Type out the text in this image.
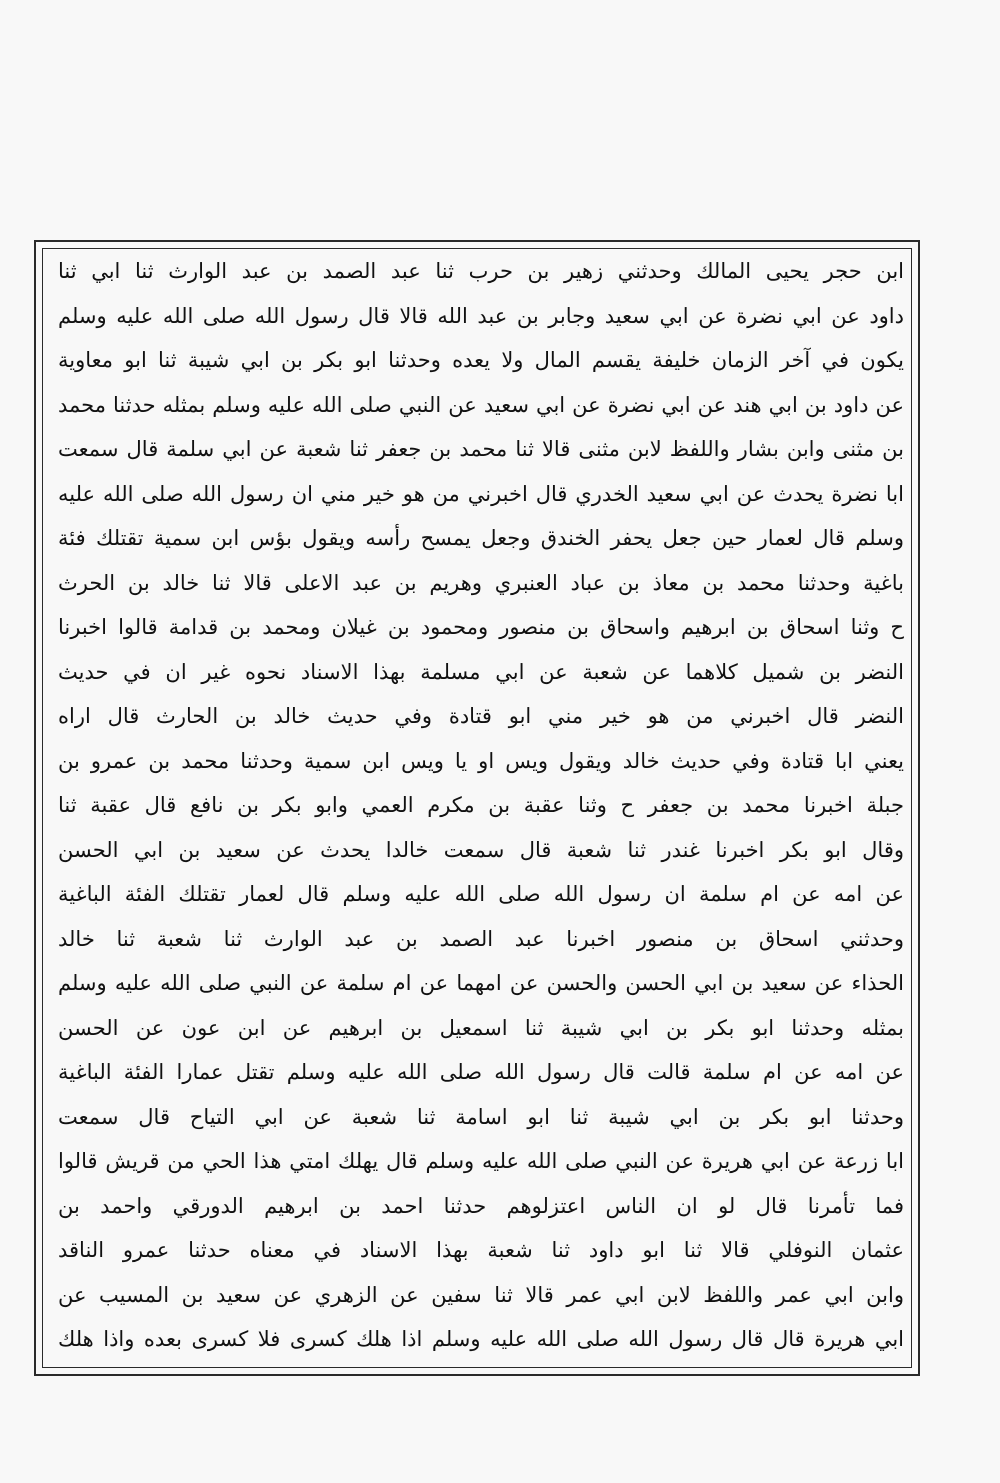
ابن حجر يحيى المالك وحدثني زهير بن حرب ثنا عبد الصمد بن عبد الوارث ثنا ابي ثنا
داود عن ابي نضرة عن ابي سعيد وجابر بن عبد الله قالا قال رسول الله صلى الله عليه وسلم
يكون في آخر الزمان خليفة يقسم المال ولا يعده وحدثنا ابو بكر بن ابي شيبة ثنا ابو معاوية
عن داود بن ابي هند عن ابي نضرة عن ابي سعيد عن النبي صلى الله عليه وسلم بمثله حدثنا محمد
بن مثنى وابن بشار واللفظ لابن مثنى قالا ثنا محمد بن جعفر ثنا شعبة عن ابي سلمة قال سمعت
ابا نضرة يحدث عن ابي سعيد الخدري قال اخبرني من هو خير مني ان رسول الله صلى الله عليه
وسلم قال لعمار حين جعل يحفر الخندق وجعل يمسح رأسه ويقول بؤس ابن سمية تقتلك فئة
باغية وحدثنا محمد بن معاذ بن عباد العنبري وهريم بن عبد الاعلى قالا ثنا خالد بن الحرث
ح وثنا اسحاق بن ابرهيم واسحاق بن منصور ومحمود بن غيلان ومحمد بن قدامة قالوا اخبرنا
النضر بن شميل كلاهما عن شعبة عن ابي مسلمة بهذا الاسناد نحوه غير ان في حديث
النضر قال اخبرني من هو خير مني ابو قتادة وفي حديث خالد بن الحارث قال اراه
يعني ابا قتادة وفي حديث خالد ويقول ويس او يا ويس ابن سمية وحدثنا محمد بن عمرو بن
جبلة اخبرنا محمد بن جعفر ح وثنا عقبة بن مكرم العمي وابو بكر بن نافع قال عقبة ثنا
وقال ابو بكر اخبرنا غندر ثنا شعبة قال سمعت خالدا يحدث عن سعيد بن ابي الحسن
عن امه عن ام سلمة ان رسول الله صلى الله عليه وسلم قال لعمار تقتلك الفئة الباغية
وحدثني اسحاق بن منصور اخبرنا عبد الصمد بن عبد الوارث ثنا شعبة ثنا خالد
الحذاء عن سعيد بن ابي الحسن والحسن عن امهما عن ام سلمة عن النبي صلى الله عليه وسلم
بمثله وحدثنا ابو بكر بن ابي شيبة ثنا اسمعيل بن ابرهيم عن ابن عون عن الحسن
عن امه عن ام سلمة قالت قال رسول الله صلى الله عليه وسلم تقتل عمارا الفئة الباغية
وحدثنا ابو بكر بن ابي شيبة ثنا ابو اسامة ثنا شعبة عن ابي التياح قال سمعت
ابا زرعة عن ابي هريرة عن النبي صلى الله عليه وسلم قال يهلك امتي هذا الحي من قريش قالوا
فما تأمرنا قال لو ان الناس اعتزلوهم حدثنا احمد بن ابرهيم الدورقي واحمد بن
عثمان النوفلي قالا ثنا ابو داود ثنا شعبة بهذا الاسناد في معناه حدثنا عمرو الناقد
وابن ابي عمر واللفظ لابن ابي عمر قالا ثنا سفين عن الزهري عن سعيد بن المسيب عن
ابي هريرة قال قال رسول الله صلى الله عليه وسلم اذا هلك كسرى فلا كسرى بعده واذا هلك
